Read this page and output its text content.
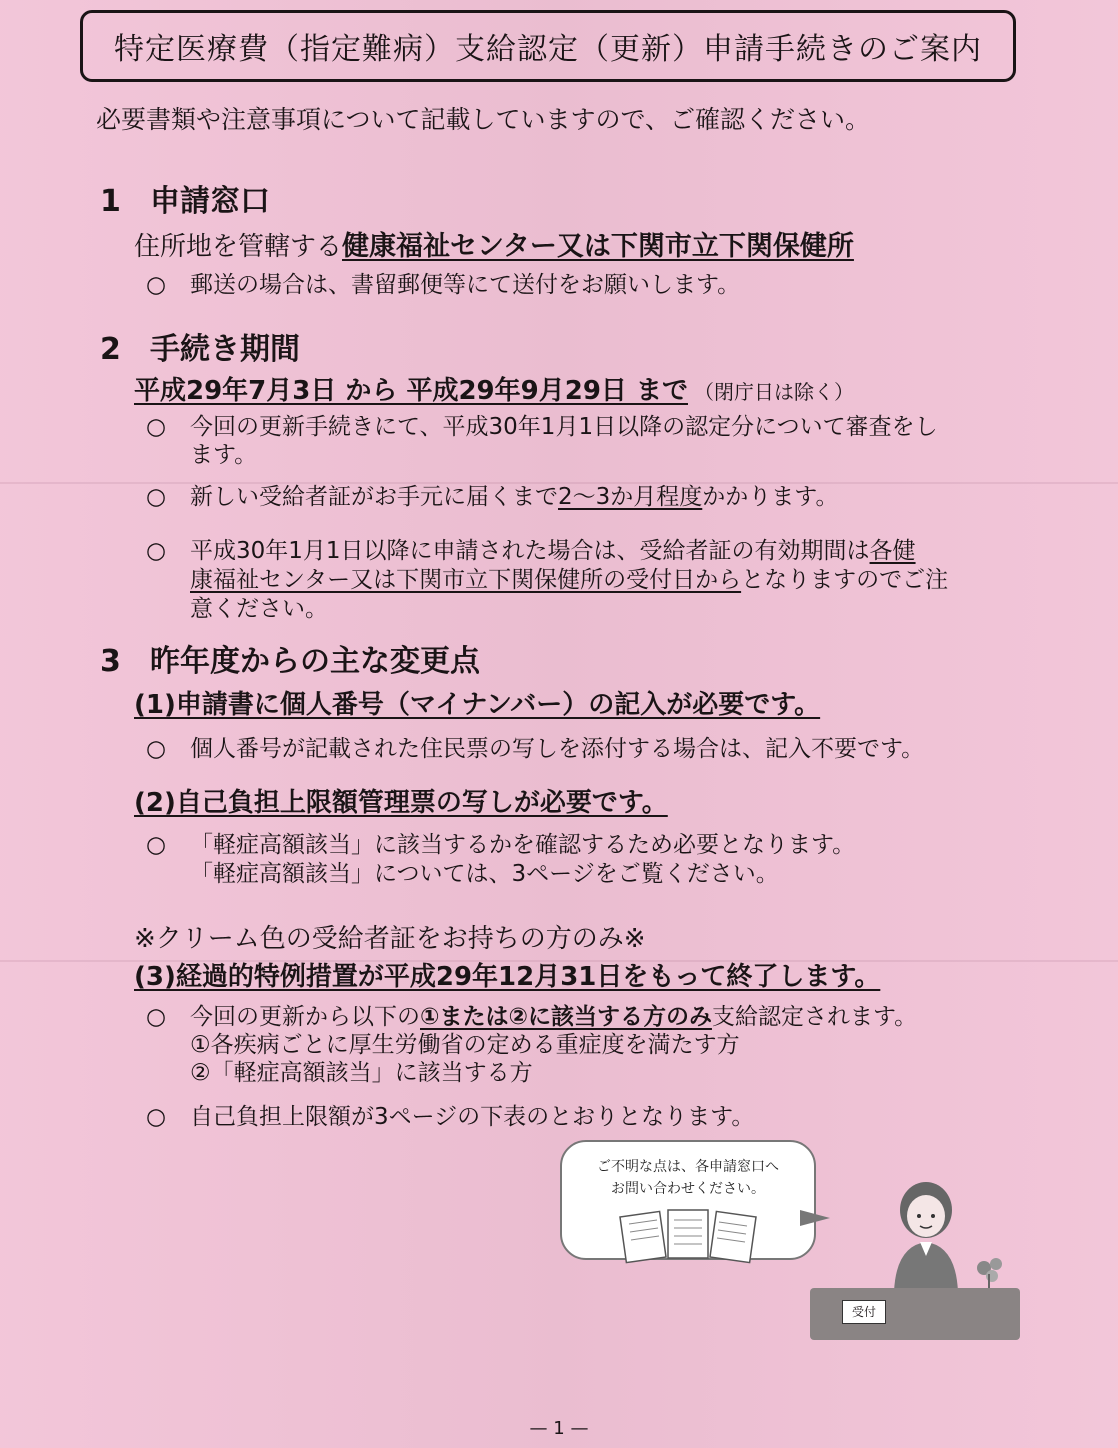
特定医療費（指定難病）支給認定（更新）申請手続きのご案内
必要書類や注意事項について記載していますので、ご確認ください。
1 申請窓口
住所地を管轄する健康福祉センター又は下関市立下関保健所
○ 郵送の場合は、書留郵便等にて送付をお願いします。
2 手続き期間
平成29年7月3日 から 平成29年9月29日 まで （閉庁日は除く）
○ 今回の更新手続きにて、平成30年1月1日以降の認定分について審査をし
ます。
○ 新しい受給者証がお手元に届くまで2〜3か月程度かかります。
○ 平成30年1月1日以降に申請された場合は、受給者証の有効期間は各健
康福祉センター又は下関市立下関保健所の受付日からとなりますのでご注
意ください。
3 昨年度からの主な変更点
(1)申請書に個人番号（マイナンバー）の記入が必要です。
○ 個人番号が記載された住民票の写しを添付する場合は、記入不要です。
(2)自己負担上限額管理票の写しが必要です。
○ 「軽症高額該当」に該当するかを確認するため必要となります。
「軽症高額該当」については、3ページをご覧ください。
※クリーム色の受給者証をお持ちの方のみ※
(3)経過的特例措置が平成29年12月31日をもって終了します。
○ 今回の更新から以下の①または②に該当する方のみ支給認定されます。
①各疾病ごとに厚生労働省の定める重症度を満たす方
②「軽症高額該当」に該当する方
○ 自己負担上限額が3ページの下表のとおりとなります。
ご不明な点は、各申請窓口へ
お問い合わせください。
受付
— 1 —
